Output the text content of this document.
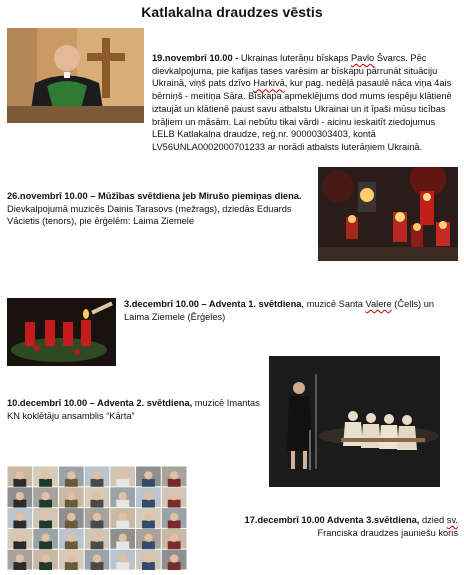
Katlakalna draudzes vēstis
19.novembrī 10.00 - Ukrainas luterāņu bīskaps Pavlo Švarcs. Pēc dievkalpojuma, pie kafijas tases varēsim ar bīskapu pārrunāt situāciju Ukrainā, viņš pats dzīvo Harkivā, kur pag. nedēļā pasaulē nāca viņa 4ais bērniņš - meitiņa Sāra. Bīskapa apmeklējums dod mums iespēju klātienē iztaujāt un klātienē paust savu atbalstu Ukrainai un it īpaši mūsu ticības brāļiem un māsām. Lai nebūtu tikai vārdi - aicinu ieskaitīt ziedojumus LELB Katlakalna draudze, reģ.nr. 90000303403, kontā LV56UNLA0002000701233 ar norādi atbalsts luterāņiem Ukrainā.
26.novembrī 10.00 – Mūžības svētdiena jeb Mirušo piemiņas diena. Dievkalpojumā muzicēs Dainis Tarasovs (mežrags), dziedās Eduards Vācietis (tenors), pie ērģelēm: Laima Ziemele
3.decembrī 10.00 – Adventa 1. svētdiena, muzicē Santa Valere (Čells) un Laima Ziemele (Ērģeles)
10.decembrī 10.00 – Adventa 2. svētdiena, muzicē Imantas KN koklētāju ansamblis “Kārta”
17.decembrī 10.00 Adventa 3.svētdiena, dzied sv.
Franciska draudzes jauniešu koris
